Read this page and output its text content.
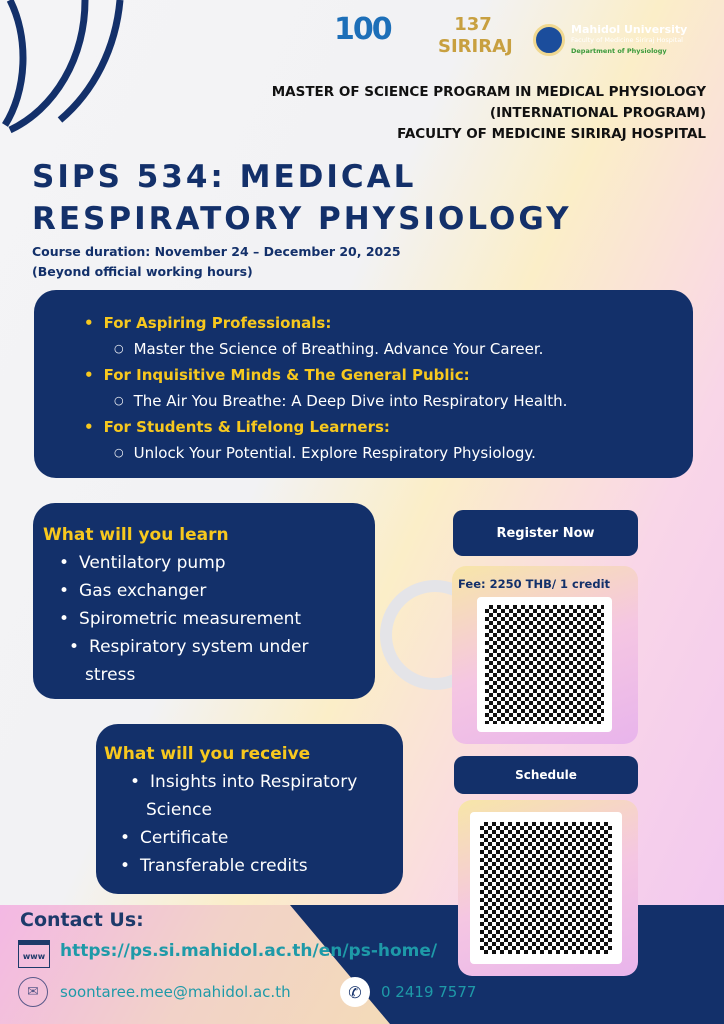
100	137 SIRIRAJ
Mahidol University
Faculty of Medicine Siriraj Hospital
Department of Physiology
MASTER OF SCIENCE PROGRAM IN MEDICAL PHYSIOLOGY
(INTERNATIONAL PROGRAM)
FACULTY OF MEDICINE SIRIRAJ HOSPITAL
SIPS 534: MEDICAL
RESPIRATORY PHYSIOLOGY
Course duration: November 24 – December 20, 2025
(Beyond official working hours)
• For Aspiring Professionals:
○ Master the Science of Breathing. Advance Your Career.
• For Inquisitive Minds & The General Public:
○ The Air You Breathe: A Deep Dive into Respiratory Health.
• For Students & Lifelong Learners:
○ Unlock Your Potential. Explore Respiratory Physiology.
What will you learn
• Ventilatory pump
• Gas exchanger
• Spirometric measurement
• Respiratory system under stress
What will you receive
• Insights into Respiratory Science
• Certificate
• Transferable credits
Register Now
Fee: 2250 THB/ 1 credit
Schedule
Contact Us:
www https://ps.si.mahidol.ac.th/en/ps-home/
✉	soontaree.mee@mahidol.ac.th	✆	0 2419 7577
